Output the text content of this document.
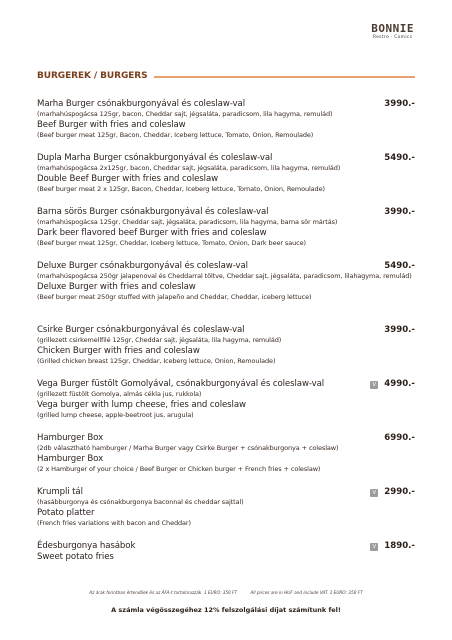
BONNIE
Restro · Comics
BURGEREK / BURGERS
Marha Burger csónakburgonyával és coleslaw-val	3990.-
(marhahúspogácsa 125gr, bacon, Cheddar sajt, jégsaláta, paradicsom, lila hagyma, remulád)
Beef Burger with fries and coleslaw
(Beef burger meat 125gr, Bacon, Cheddar, Iceberg lettuce, Tomato, Onion, Remoulade)
Dupla Marha Burger csónakburgonyával és coleslaw-val	5490.-
(marhahúspogácsa 2x125gr, bacon, Cheddar sajt, jégsaláta, paradicsom, lila hagyma, remulád)
Double Beef Burger with fries and coleslaw
(Beef burger meat 2 x 125gr, Bacon, Cheddar, Iceberg lettuce, Tomato, Onion, Remoulade)
Barna sörös Burger csónakburgonyával és coleslaw-val	3990.-
(marhahúspogácsa 125gr, Cheddar sajt, jégsaláta, paradicsom, lila hagyma, barna sör mártás)
Dark beer flavored beef Burger with fries and coleslaw
(Beef burger meat 125gr, Cheddar, Iceberg lettuce, Tomato, Onion, Dark beer sauce)
Deluxe Burger csónakburgonyával és coleslaw-val	5490.-
(marhahúspogácsa 250gr jalapenoval és Cheddarral töltve, Cheddar sajt, jégsaláta, paradicsom, lilahagyma, remulád)
Deluxe Burger with fries and coleslaw
(Beef burger meat 250gr stuffed with jalapeño and Cheddar, Cheddar, iceberg lettuce)
Csirke Burger csónakburgonyával és coleslaw-val	3990.-
(grillezett csirkemellfilé 125gr, Cheddar sajt, jégsaláta, lila hagyma, remulád)
Chicken Burger with fries and coleslaw
(Grilled chicken breast 125gr, Cheddar, Iceberg lettuce, Onion, Remoulade)
Vega Burger füstölt Gomolyával, csónakburgonyával és coleslaw-val	V 4990.-
(grillezett füstölt Gomolya, almás cékla jus, rukkola)
Vega burger with lump cheese, fries and coleslaw
(grilled lump cheese, apple-beetroot jus, arugula)
Hamburger Box	6990.-
(2db választható hamburger / Marha Burger vagy Csirke Burger + csónakburgonya + coleslaw)
Hamburger Box
(2 x Hamburger of your choice / Beef Burger or Chicken burger + French fries + coleslaw)
Krumpli tál	V 2990.-
(hasábburgonya és csónakburgonya baconnal és cheddar sajttal)
Potato platter
(French fries variations with bacon and Cheddar)
Édesburgonya hasábok	V 1890.-
Sweet potato fries
Az árak forintban értendőek és az ÁFA-t tartalmazzák. 1 EURO: 350 FT	All prices are in HUF and include VAT. 1 EURO: 350 FT
A számla végösszegéhez 12% felszolgálási díjat számítunk fel!
